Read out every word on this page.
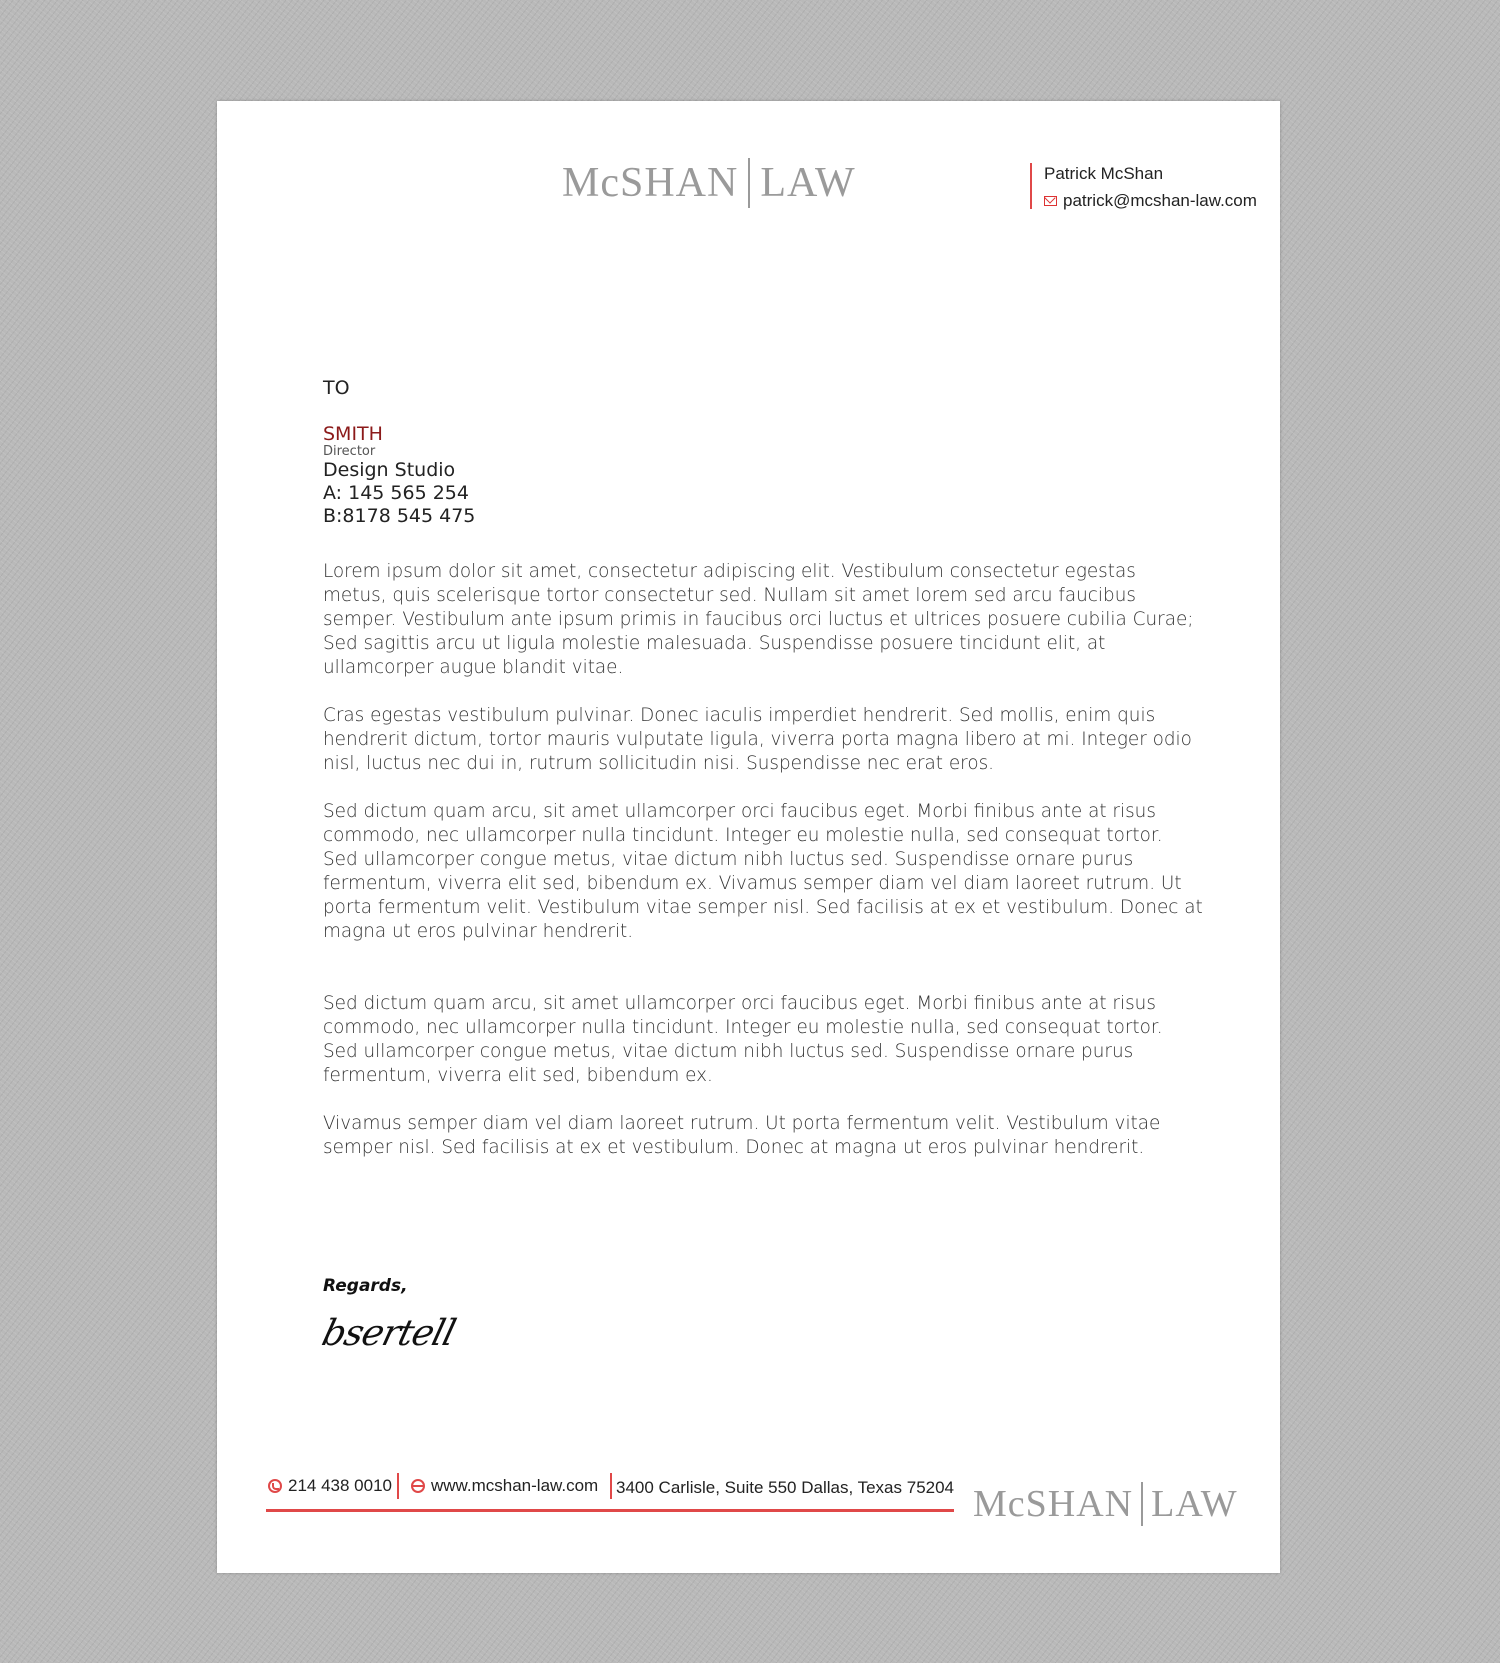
McSHAN LAW	Patrick McShan
patrick@mcshan-law.com
TO
SMITH
Director
Design Studio
A: 145 565 254
B:8178 545 475

Lorem ipsum dolor sit amet, consectetur adipiscing elit. Vestibulum consectetur egestas metus, quis scelerisque tortor consectetur sed. Nullam sit amet lorem sed arcu faucibus semper. Vestibulum ante ipsum primis in faucibus orci luctus et ultrices posuere cubilia Curae; Sed sagittis arcu ut ligula molestie malesuada. Suspendisse posuere tincidunt elit, at ullamcorper augue blandit vitae.

Cras egestas vestibulum pulvinar. Donec iaculis imperdiet hendrerit. Sed mollis, enim quis hendrerit dictum, tortor mauris vulputate ligula, viverra porta magna libero at mi. Integer odio nisl, luctus nec dui in, rutrum sollicitudin nisi. Suspendisse nec erat eros.

Sed dictum quam arcu, sit amet ullamcorper orci faucibus eget. Morbi finibus ante at risus commodo, nec ullamcorper nulla tincidunt. Integer eu molestie nulla, sed consequat tortor. Sed ullamcorper congue metus, vitae dictum nibh luctus sed. Suspendisse ornare purus fermentum, viverra elit sed, bibendum ex. Vivamus semper diam vel diam laoreet rutrum. Ut porta fermentum velit. Vestibulum vitae semper nisl. Sed facilisis at ex et vestibulum. Donec at magna ut eros pulvinar hendrerit.

Sed dictum quam arcu, sit amet ullamcorper orci faucibus eget. Morbi finibus ante at risus commodo, nec ullamcorper nulla tincidunt. Integer eu molestie nulla, sed consequat tortor. Sed ullamcorper congue metus, vitae dictum nibh luctus sed. Suspendisse ornare purus fermentum, viverra elit sed, bibendum ex.

Vivamus semper diam vel diam laoreet rutrum. Ut porta fermentum velit. Vestibulum vitae semper nisl. Sed facilisis at ex et vestibulum. Donec at magna ut eros pulvinar hendrerit.

Regards,
bsertell
214 438 0010	www.mcshan-law.com 3400 Carlisle, Suite 550 Dallas, Texas 75204 McSHAN LAW
